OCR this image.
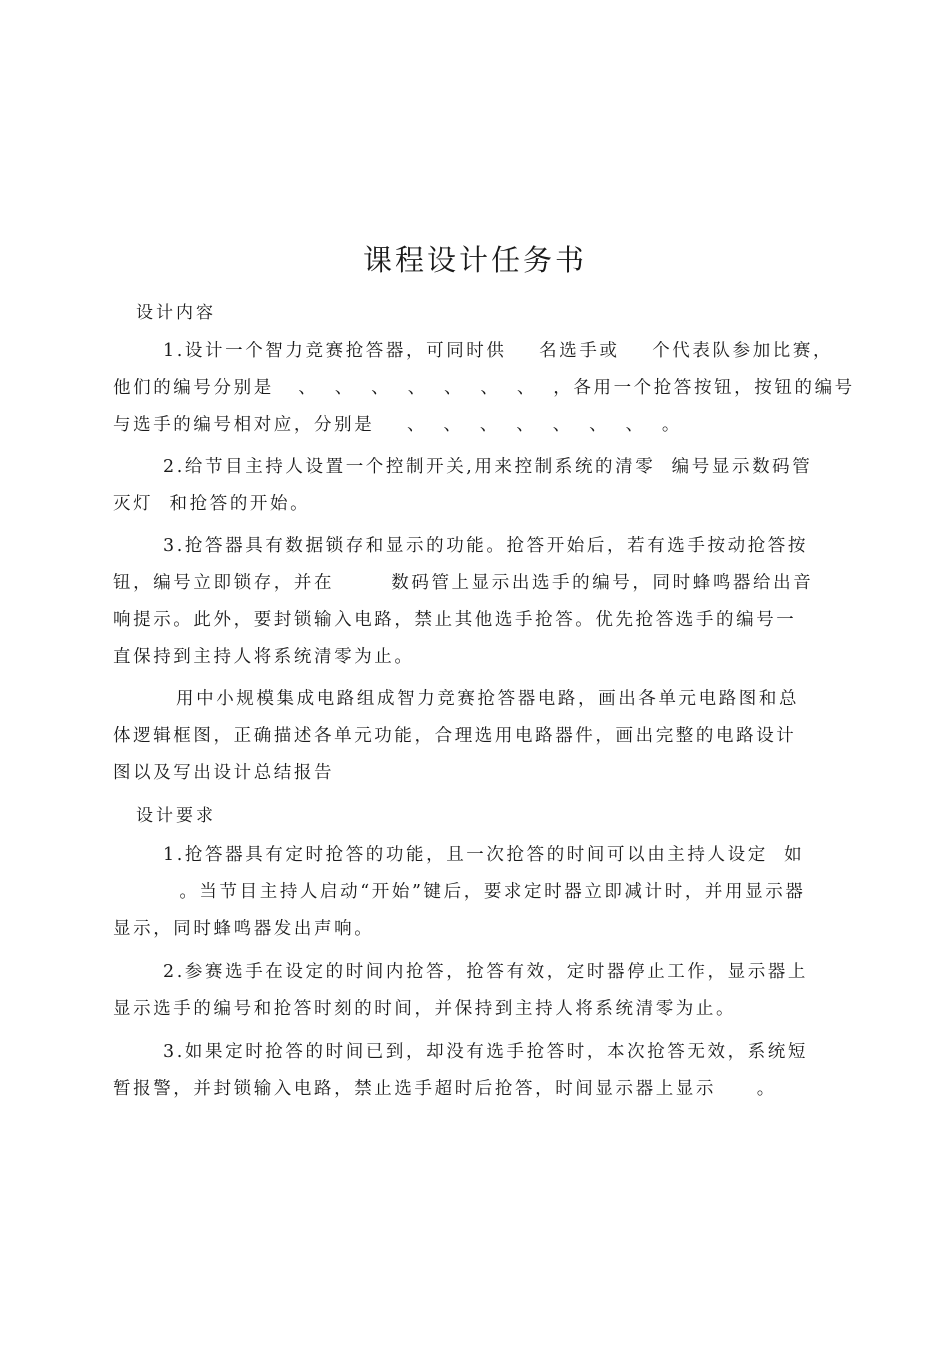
课程设计任务书
设计内容
1.设计一个智力竞赛抢答器，可同时供    名选手或    个代表队参加比赛，
他们的编号分别是   、  、  、  、  、  、  、  ，各用一个抢答按钮，按钮的编号
与选手的编号相对应，分别是    、  、  、  、  、  、  、  。
2.给节目主持人设置一个控制开关,用来控制系统的清零  编号显示数码管
灭灯  和抢答的开始。
3.抢答器具有数据锁存和显示的功能。抢答开始后，若有选手按动抢答按
钮，编号立即锁存，并在       数码管上显示出选手的编号，同时蜂鸣器给出音
响提示。此外，要封锁输入电路，禁止其他选手抢答。优先抢答选手的编号一
直保持到主持人将系统清零为止。
用中小规模集成电路组成智力竞赛抢答器电路，画出各单元电路图和总
体逻辑框图，正确描述各单元功能，合理选用电路器件，画出完整的电路设计
图以及写出设计总结报告
设计要求
1.抢答器具有定时抢答的功能，且一次抢答的时间可以由主持人设定  如
。当节目主持人启动“开始”键后，要求定时器立即减计时，并用显示器
显示，同时蜂鸣器发出声响。
2.参赛选手在设定的时间内抢答，抢答有效，定时器停止工作，显示器上
显示选手的编号和抢答时刻的时间，并保持到主持人将系统清零为止。
3.如果定时抢答的时间已到，却没有选手抢答时，本次抢答无效，系统短
暂报警，并封锁输入电路，禁止选手超时后抢答，时间显示器上显示     。
